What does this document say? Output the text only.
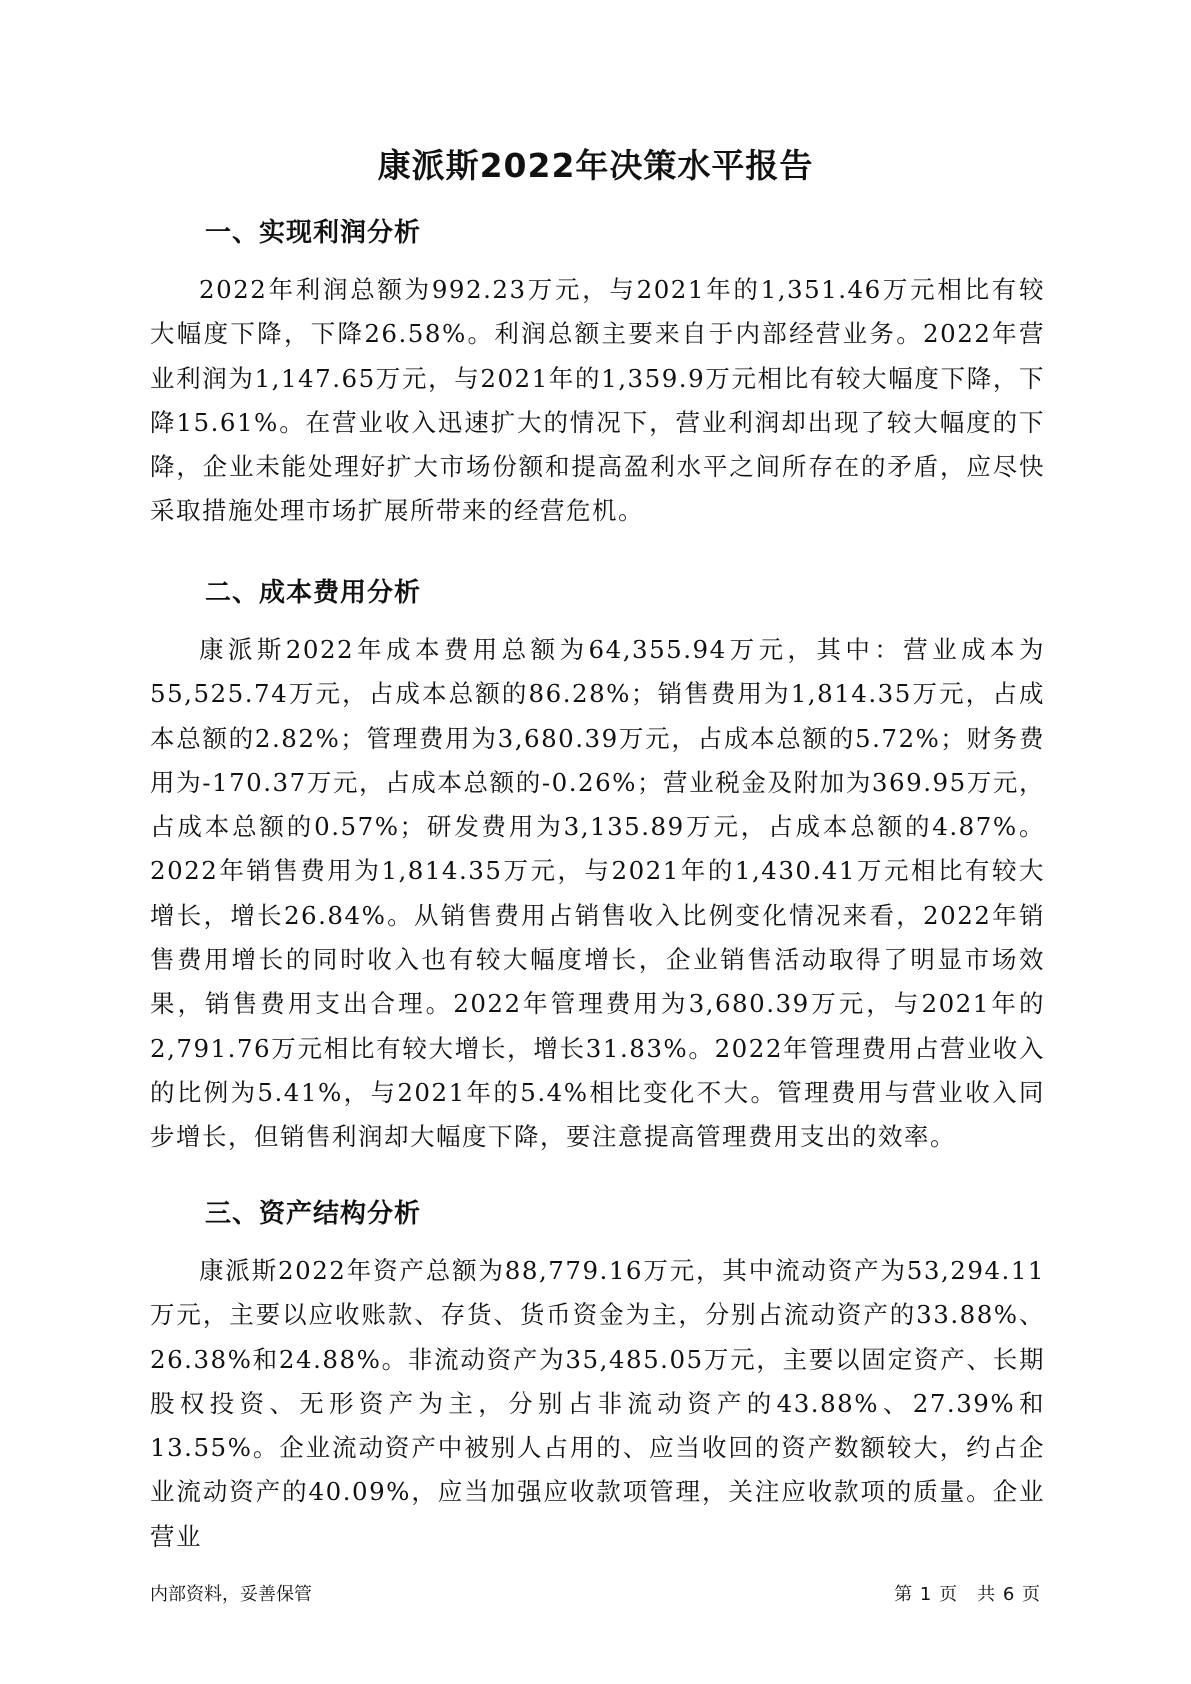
康派斯2022年决策水平报告
一、实现利润分析

2022年利润总额为992.23万元，与2021年的1,351.46万元相比有较大幅度下降，下降26.58%。利润总额主要来自于内部经营业务。2022年营业利润为1,147.65万元，与2021年的1,359.9万元相比有较大幅度下降，下降15.61%。在营业收入迅速扩大的情况下，营业利润却出现了较大幅度的下降，企业未能处理好扩大市场份额和提高盈利水平之间所存在的矛盾，应尽快采取措施处理市场扩展所带来的经营危机。

二、成本费用分析

康派斯2022年成本费用总额为64,355.94万元，其中：营业成本为55,525.74万元，占成本总额的86.28%；销售费用为1,814.35万元，占成本总额的2.82%；管理费用为3,680.39万元，占成本总额的5.72%；财务费用为-170.37万元，占成本总额的-0.26%；营业税金及附加为369.95万元，占成本总额的0.57%；研发费用为3,135.89万元，占成本总额的4.87%。2022年销售费用为1,814.35万元，与2021年的1,430.41万元相比有较大增长，增长26.84%。从销售费用占销售收入比例变化情况来看，2022年销售费用增长的同时收入也有较大幅度增长，企业销售活动取得了明显市场效果，销售费用支出合理。2022年管理费用为3,680.39万元，与2021年的2,791.76万元相比有较大增长，增长31.83%。2022年管理费用占营业收入的比例为5.41%，与2021年的5.4%相比变化不大。管理费用与营业收入同步增长，但销售利润却大幅度下降，要注意提高管理费用支出的效率。

三、资产结构分析

康派斯2022年资产总额为88,779.16万元，其中流动资产为53,294.11万元，主要以应收账款、存货、货币资金为主，分别占流动资产的33.88%、26.38%和24.88%。非流动资产为35,485.05万元，主要以固定资产、长期股权投资、无形资产为主，分别占非流动资产的43.88%、27.39%和13.55%。企业流动资产中被别人占用的、应当收回的资产数额较大，约占企业流动资产的40.09%，应当加强应收款项管理，关注应收款项的质量。企业营业

内部资料，妥善保管	第 1 页　共 6 页
